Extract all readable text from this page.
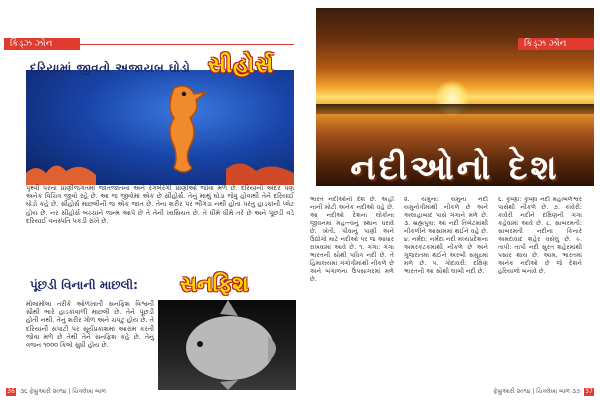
કિડ્ઝ ઝોન
દરિયામાં જીવતો અજાયબ ઘોડો સીહોર્સ
પૃથ્વી પરના પ્રાણીજગતમાં જાતજાતના અને રંગબેરંગી પ્રાણીઓ જોવા મળે છે. દરિયાની અંદર પણ અનેક વિચિત્ર જીવો રહે છે. આ જ જીવોમાં એક છે સીહોર્સ. તેનું માથું ઘોડા જેવું હોવાથી તેને દરિયાઈ ઘોડો કહે છે. સીહોર્સ માછલીની જ એક જાત છે. તેના શરીર પર ભીંગડા નથી હોતા પરંતુ હાડકાંની પ્લેટ હોય છે. નર સીહોર્સ બચ્ચાંને જન્મ આપે છે તે તેની ખાસિયત છે. તે ધીમે ધીમે તરે છે અને પૂંછડી વડે દરિયાઈ વનસ્પતિ પકડી રાખે છે.
પૂંછડી વિનાની માછલી: સનફિશ
મોલામોલા તરીકે ઓળખાતી સનફિશ વિશ્વની સૌથી ભારે હાડકાંવાળી માછલી છે. તેને પૂંછડી હોતી નથી. તેનું શરીર ગોળ અને ચપટું હોય છે. તે દરિયાની સપાટી પર સૂર્યપ્રકાશમાં આરામ કરતી જોવા મળે છે તેથી તેને સનફિશ કહે છે. તેનું વજન ૧૦૦૦ કિલો સુધી હોય છે.
36 ૩૬ ફેબ્રુઆરી ૨૦૧૪ | ચિત્રલેખા બાળ
નદીઓનો દેશ
કિડ્ઝ ઝોન
ભારત નદીઓનો દેશ છે. અહીં નાની મોટી અનેક નદીઓ વહે છે. આ નદીઓ દેશના લોકોના જીવનમાં મહત્ત્વનું સ્થાન ધરાવે છે. ખેતી, પીવાનું પાણી અને ઉદ્યોગો માટે નદીઓ પર જ આધાર રાખવામાં આવે છે. ૧. ગંગા: ગંગા ભારતની સૌથી પવિત્ર નદી છે. તે હિમાલયમાં ગંગોત્રીમાંથી નીકળે છે અને બંગાળના ઉપસાગરમાં મળે છે.
૨. યમુના: યમુના નદી યમુનોત્રીમાંથી નીકળે છે અને અલાહાબાદ પાસે ગંગાને મળે છે. ૩. બ્રહ્મપુત્રા: આ નદી તિબેટમાંથી નીકળીને આસામમાં થઈને વહે છે. ૪. નર્મદા: નર્મદા નદી મધ્યપ્રદેશના અમરકંટકમાંથી નીકળે છે અને ગુજરાતમાં થઈને અરબી સમુદ્રમાં મળે છે. ૫. ગોદાવરી: દક્ષિણ ભારતની આ સૌથી લાંબી નદી છે.
૬. કૃષ્ણા: કૃષ્ણા નદી મહાબળેશ્વર પાસેથી નીકળે છે. ૭. કાવેરી: કાવેરી નદીને દક્ષિણની ગંગા કહેવામાં આવે છે. ૮. સાબરમતી: સાબરમતી નદીના કિનારે અમદાવાદ શહેર વસેલું છે. ૯. તાપી: તાપી નદી સુરત શહેરમાંથી પસાર થાય છે. આમ, ભારતમાં અનેક નદીઓ છે જે દેશને હરિયાળો બનાવે છે.
ફેબ્રુઆરી ૨૦૧૪ | ચિત્રલેખા બાળ ૩૭ 37
